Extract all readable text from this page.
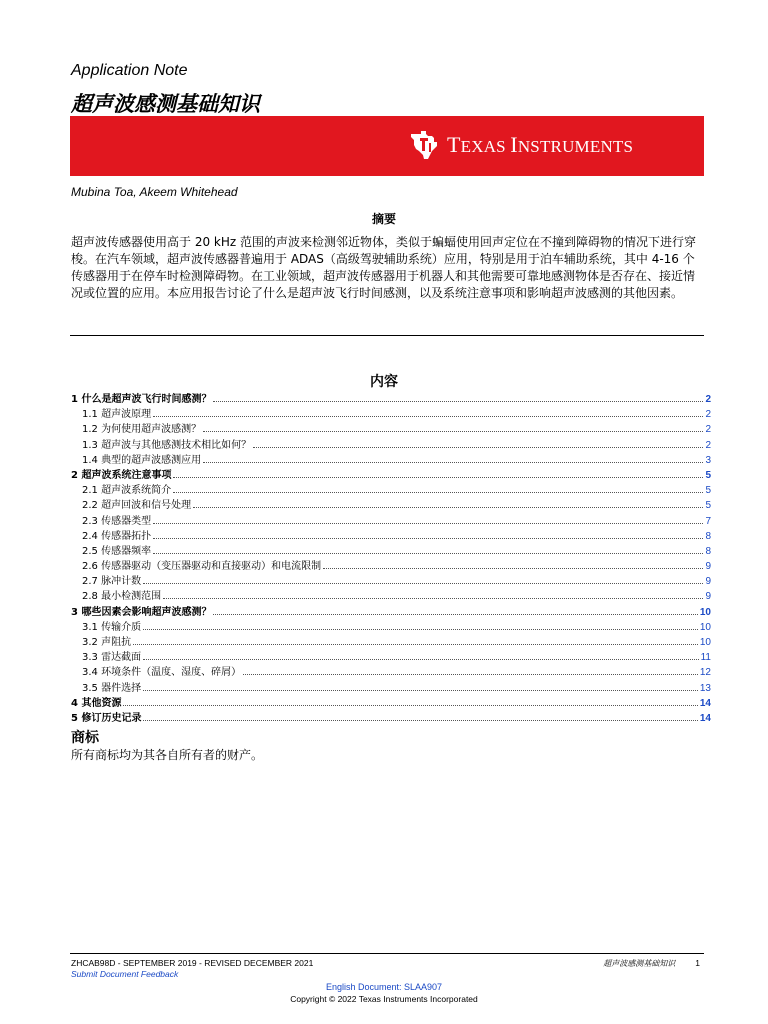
Application Note
超声波感测基础知识
TEXAS INSTRUMENTS
Mubina Toa, Akeem Whitehead
摘要
超声波传感器使用高于 20 kHz 范围的声波来检测邻近物体，类似于蝙蝠使用回声定位在不撞到障碍物的情况下进行穿梭。在汽车领域，超声波传感器普遍用于 ADAS（高级驾驶辅助系统）应用，特别是用于泊车辅助系统，其中 4-16 个传感器用于在停车时检测障碍物。在工业领域，超声波传感器用于机器人和其他需要可靠地感测物体是否存在、接近情况或位置的应用。本应用报告讨论了什么是超声波飞行时间感测，以及系统注意事项和影响超声波感测的其他因素。
内容
1 什么是超声波飞行时间感测？	2
1.1 超声波原理	2
1.2 为何使用超声波感测？	2
1.3 超声波与其他感测技术相比如何？	2
1.4 典型的超声波感测应用	3
2 超声波系统注意事项	5
2.1 超声波系统简介	5
2.2 超声回波和信号处理	5
2.3 传感器类型	7
2.4 传感器拓扑	8
2.5 传感器频率	8
2.6 传感器驱动（变压器驱动和直接驱动）和电流限制	9
2.7 脉冲计数	9
2.8 最小检测范围	9
3 哪些因素会影响超声波感测？	10
3.1 传输介质	10
3.2 声阻抗	10
3.3 雷达截面	11
3.4 环境条件（温度、湿度、碎屑）	12
3.5 器件选择	13
4 其他资源	14
5 修订历史记录	14
商标
所有商标均为其各自所有者的财产。
ZHCAB98D - SEPTEMBER 2019 - REVISED DECEMBER 2021	超声波感测基础知识 1
Submit Document Feedback
English Document: SLAA907
Copyright © 2022 Texas Instruments Incorporated
